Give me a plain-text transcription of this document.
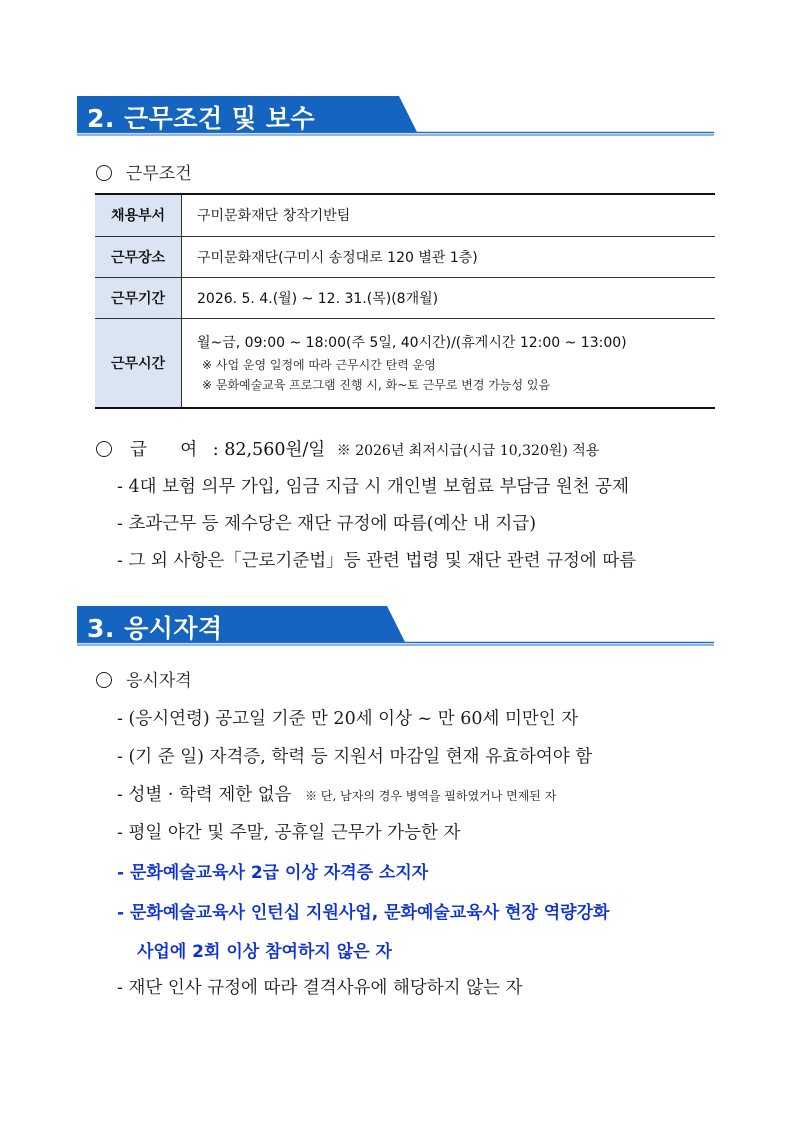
2. 근무조건 및 보수
근무조건
채용부서	구미문화재단 창작기반팀
근무장소	구미문화재단(구미시 송정대로 120 별관 1층)
근무기간	2026. 5. 4.(월) ~ 12. 31.(목)(8개월)
근무시간	월~금, 09:00 ~ 18:00(주 5일, 40시간)/(휴게시간 12:00 ~ 13:00)
※ 사업 운영 일정에 따라 근무시간 탄력 운영
※ 문화예술교육 프로그램 진행 시, 화~토 근무로 변경 가능성 있음
급      여 : 82,560원/일 ※ 2026년 최저시급(시급 10,320원) 적용
- 4대 보험 의무 가입, 임금 지급 시 개인별 보험료 부담금 원천 공제
- 초과근무 등 제수당은 재단 규정에 따름(예산 내 지급)
- 그 외 사항은「근로기준법」등 관련 법령 및 재단 관련 규정에 따름
3. 응시자격
응시자격
- (응시연령) 공고일 기준 만 20세 이상 ~ 만 60세 미만인 자
- (기 준 일) 자격증, 학력 등 지원서 마감일 현재 유효하여야 함
- 성별 · 학력 제한 없음 ※ 단, 남자의 경우 병역을 필하였거나 면제된 자
- 평일 야간 및 주말, 공휴일 근무가 가능한 자
- 문화예술교육사 2급 이상 자격증 소지자
- 문화예술교육사 인턴십 지원사업, 문화예술교육사 현장 역량강화
사업에 2회 이상 참여하지 않은 자
- 재단 인사 규정에 따라 결격사유에 해당하지 않는 자
